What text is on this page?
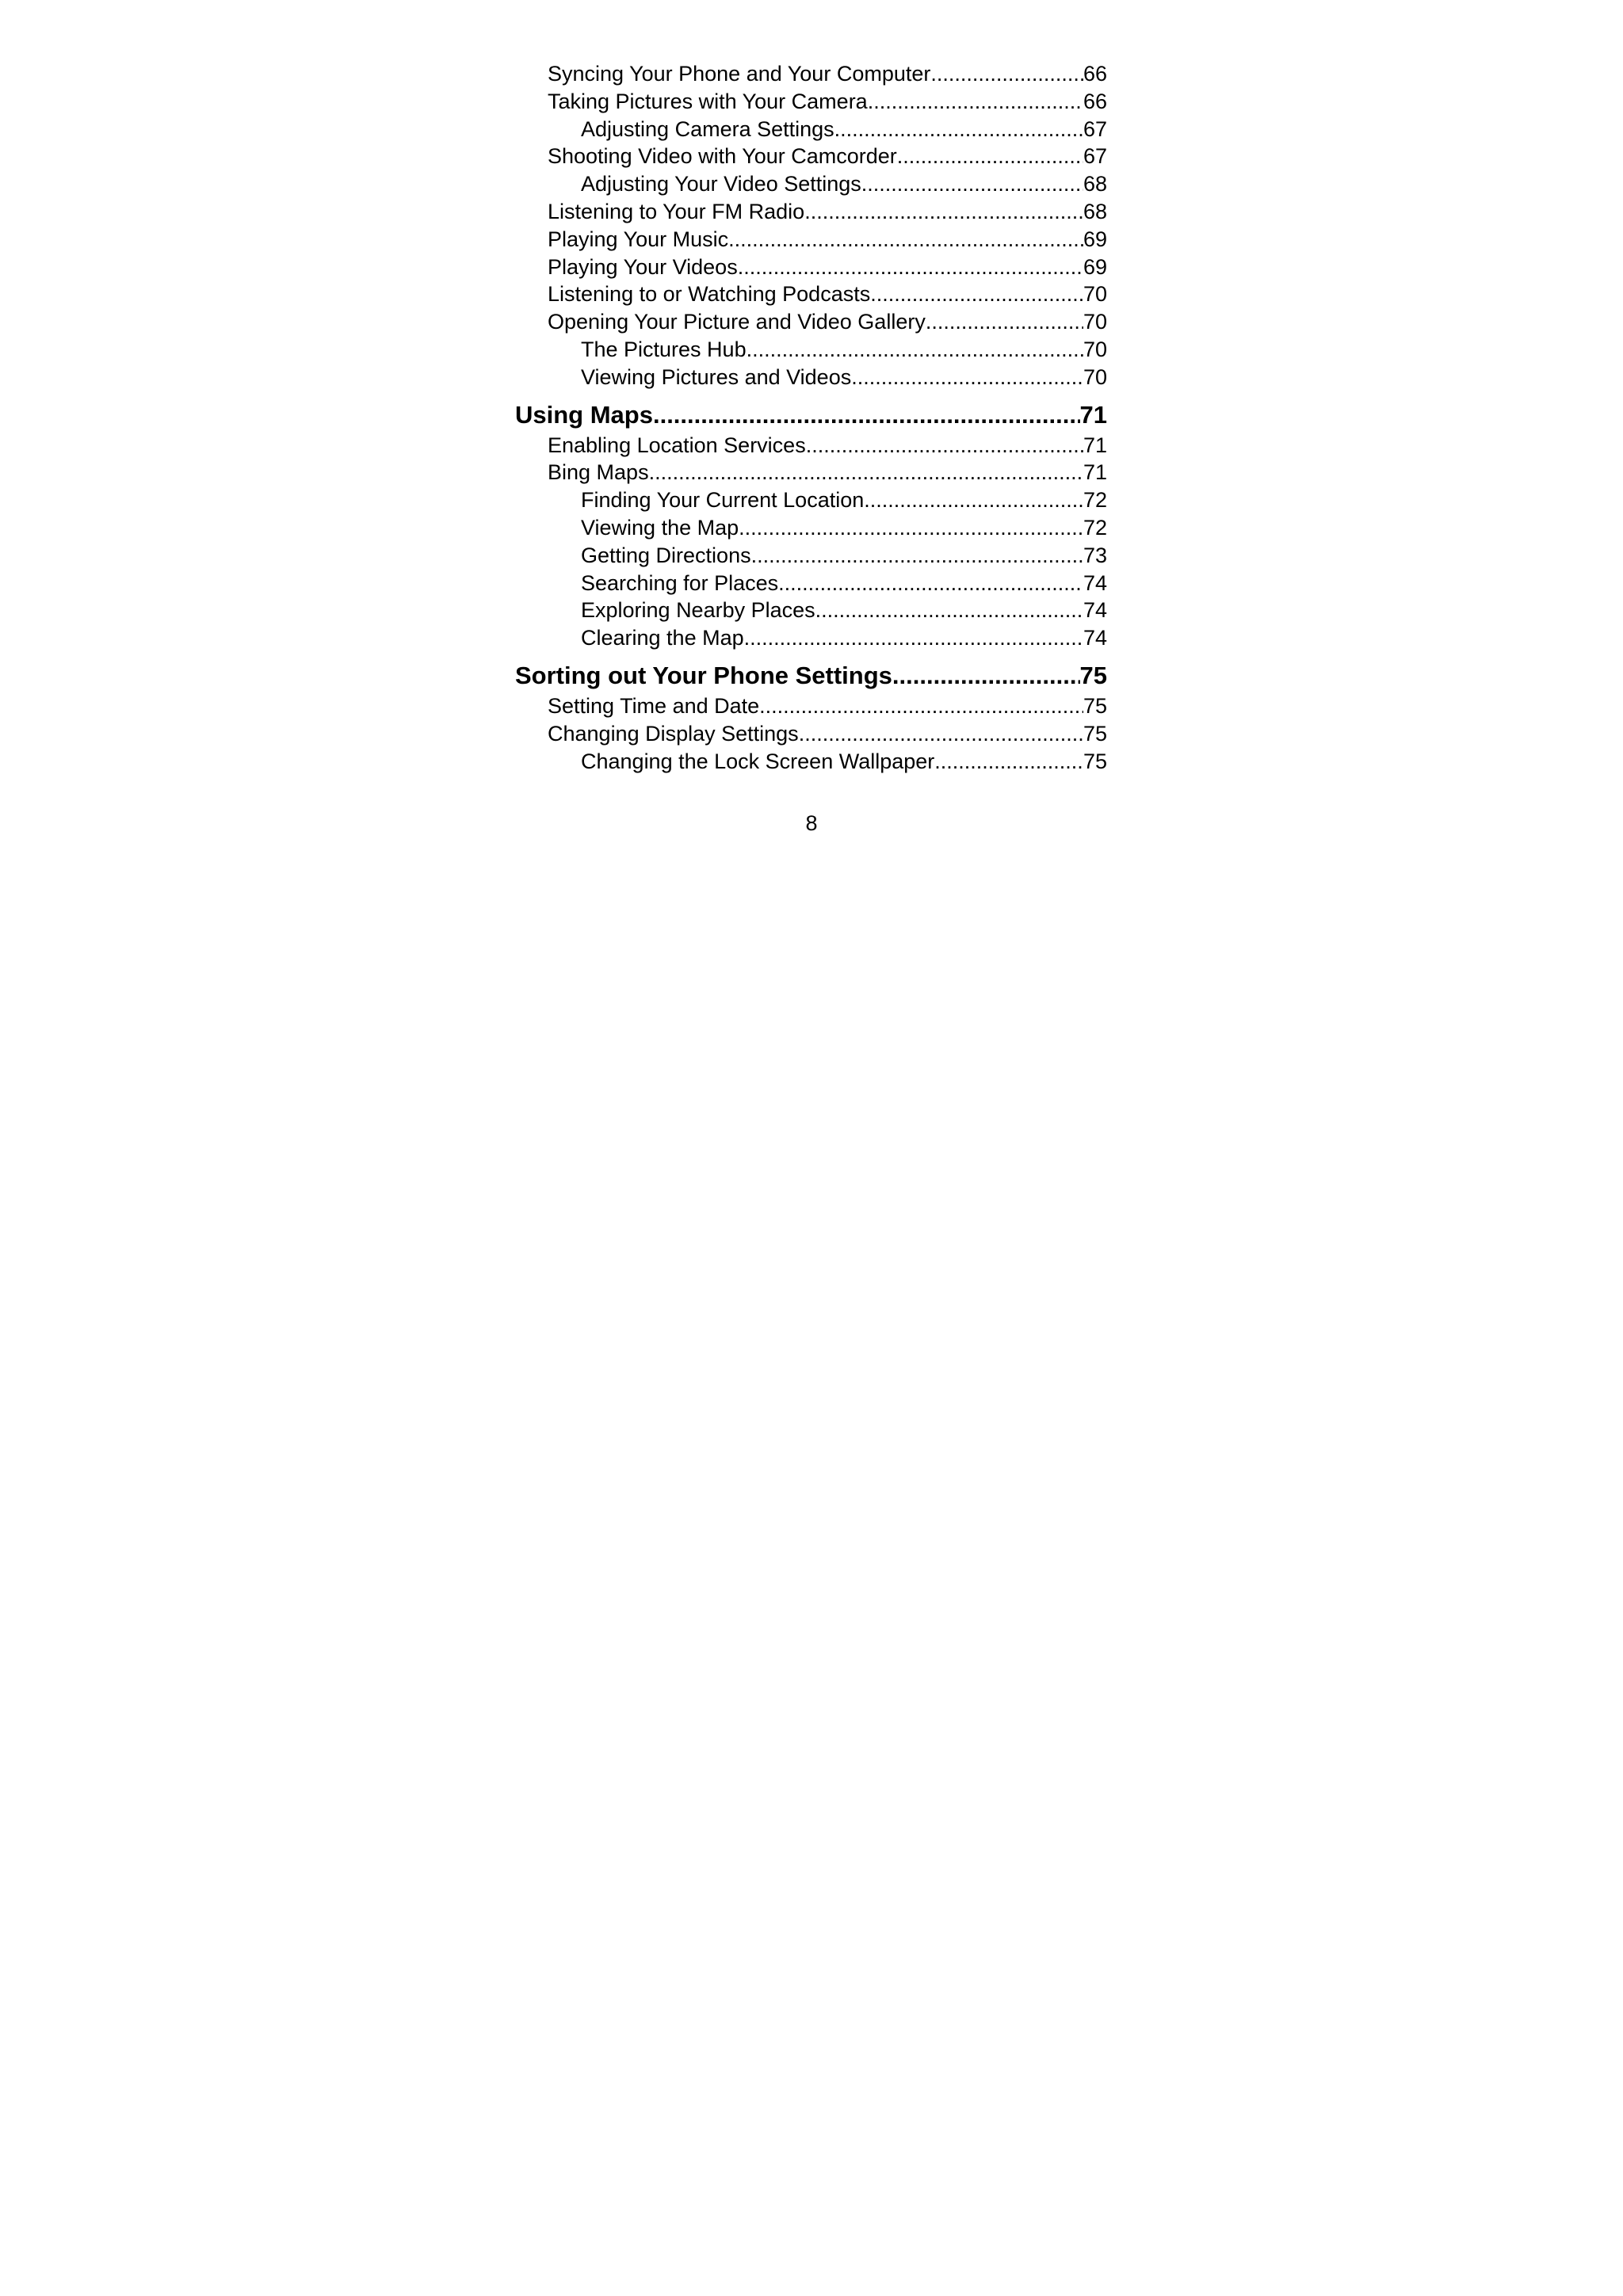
Syncing Your Phone and Your Computer .....	66
Taking Pictures with Your Camera .....	66
Adjusting Camera Settings .....	67
Shooting Video with Your Camcorder .....	67
Adjusting Your Video Settings .....	68
Listening to Your FM Radio .....	68
Playing Your Music .....	69
Playing Your Videos .....	69
Listening to or Watching Podcasts .....	70
Opening Your Picture and Video Gallery .....	70
The Pictures Hub .....	70
Viewing Pictures and Videos .....	70
Using Maps .....	71
Enabling Location Services .....	71
Bing Maps .....	71
Finding Your Current Location .....	72
Viewing the Map .....	72
Getting Directions .....	73
Searching for Places .....	74
Exploring Nearby Places .....	74
Clearing the Map .....	74
Sorting out Your Phone Settings .....	75
Setting Time and Date .....	75
Changing Display Settings .....	75
Changing the Lock Screen Wallpaper .....	75
8
